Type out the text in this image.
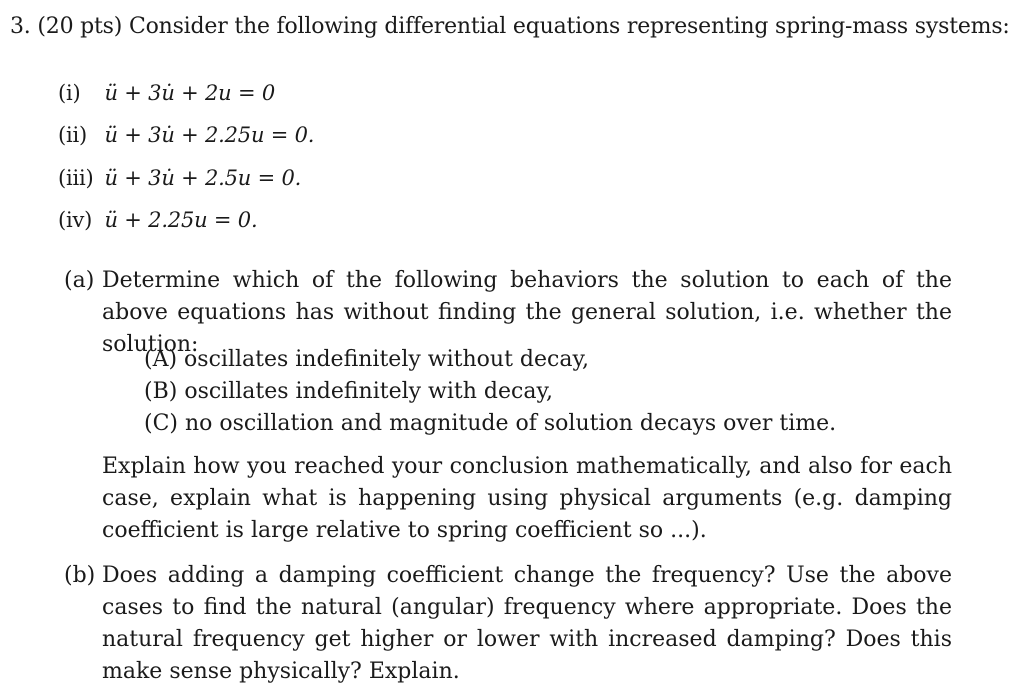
3. (20 pts) Consider the following differential equations representing spring-mass systems:
(i) ü + 3u̇ + 2u = 0
(ii) ü + 3u̇ + 2.25u = 0.
(iii) ü + 3u̇ + 2.5u = 0.
(iv) ü + 2.25u = 0.
(a) Determine which of the following behaviors the solution to each of the above equations has without finding the general solution, i.e. whether the solution:
(A) oscillates indefinitely without decay,
(B) oscillates indefinitely with decay,
(C) no oscillation and magnitude of solution decays over time.
Explain how you reached your conclusion mathematically, and also for each case, explain what is happening using physical arguments (e.g. damping coefficient is large relative to spring coefficient so ...).
(b) Does adding a damping coefficient change the frequency? Use the above cases to find the natural (angular) frequency where appropriate. Does the natural frequency get higher or lower with increased damping? Does this make sense physically? Explain.
